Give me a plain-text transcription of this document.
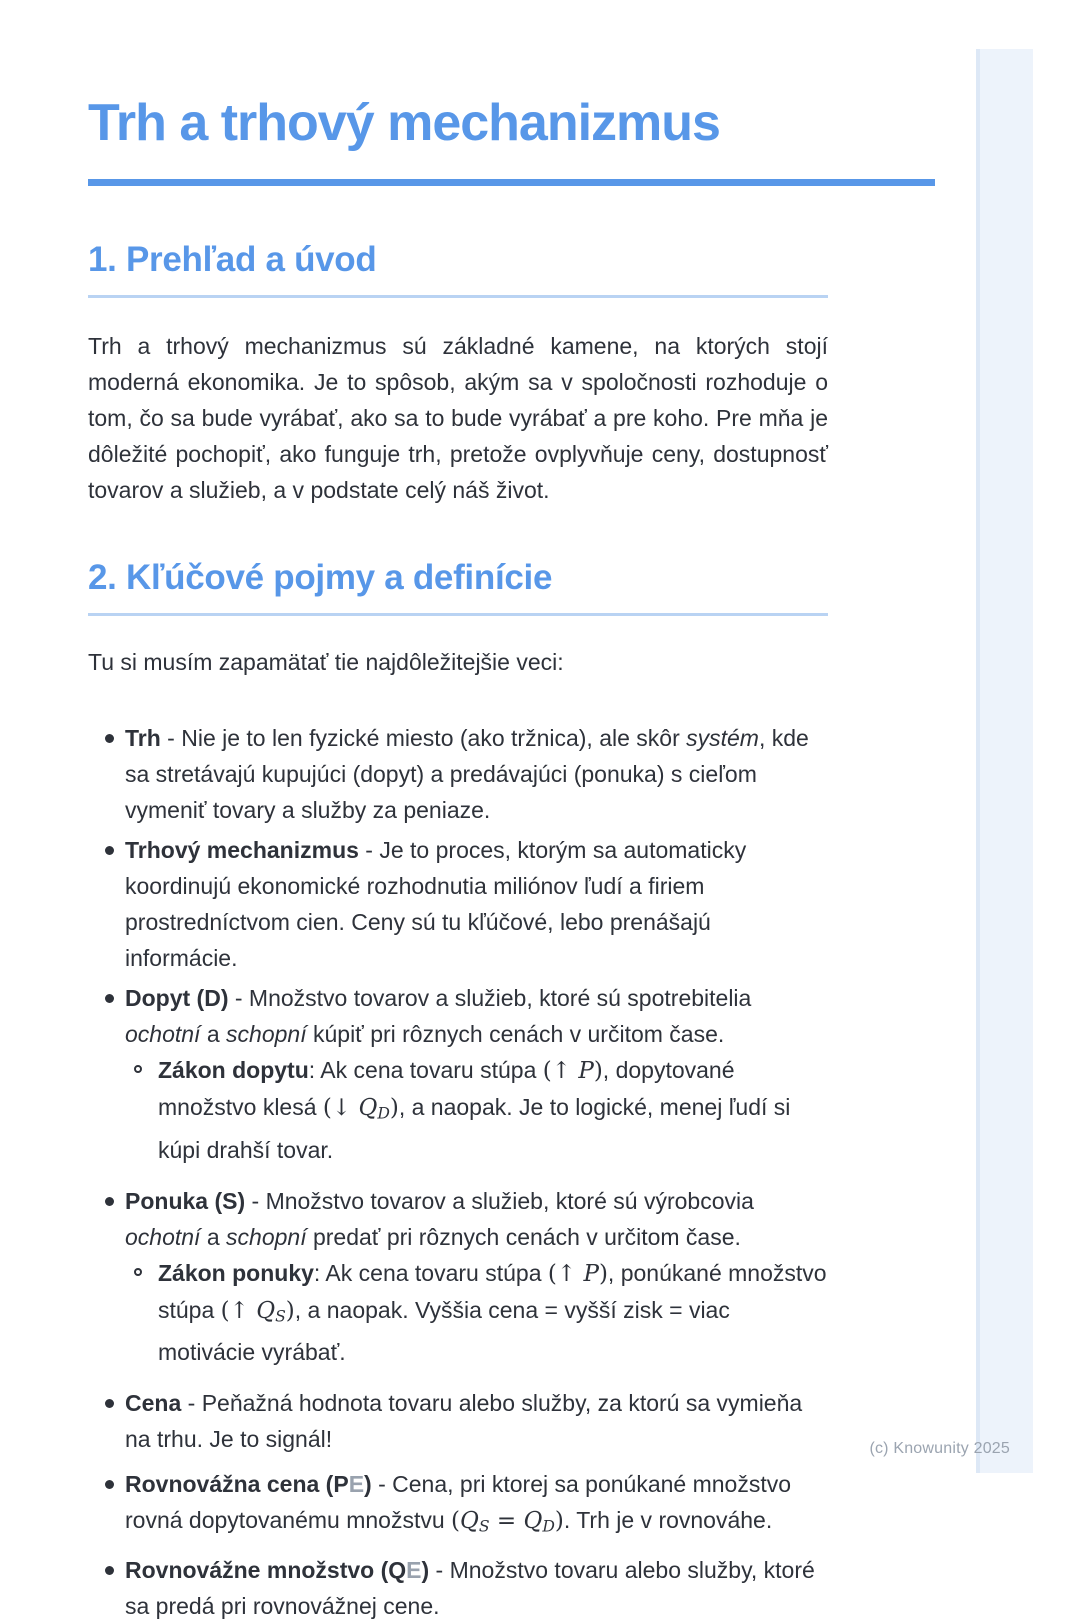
Trh a trhový mechanizmus
1. Prehľad a úvod

Trh a trhový mechanizmus sú základné kamene, na ktorých stojí moderná ekonomika. Je to spôsob, akým sa v spoločnosti rozhoduje o tom, čo sa bude vyrábať, ako sa to bude vyrábať a pre koho. Pre mňa je dôležité pochopiť, ako funguje trh, pretože ovplyvňuje ceny, dostupnosť tovarov a služieb, a v podstate celý náš život.

2. Kľúčové pojmy a definície

Tu si musím zapamätať tie najdôležitejšie veci:

Trh - Nie je to len fyzické miesto (ako tržnica), ale skôr systém, kde sa stretávajú kupujúci (dopyt) a predávajúci (ponuka) s cieľom vymeniť tovary a služby za peniaze.
Trhový mechanizmus - Je to proces, ktorým sa automaticky koordinujú ekonomické rozhodnutia miliónov ľudí a firiem prostredníctvom cien. Ceny sú tu kľúčové, lebo prenášajú informácie.
Dopyt (D) - Množstvo tovarov a služieb, ktoré sú spotrebitelia ochotní a schopní kúpiť pri rôznych cenách v určitom čase.
Zákon dopytu: Ak cena tovaru stúpa (↑ P), dopytované množstvo klesá (↓ QD), a naopak. Je to logické, menej ľudí si kúpi drahší tovar.
Ponuka (S) - Množstvo tovarov a služieb, ktoré sú výrobcovia ochotní a schopní predať pri rôznych cenách v určitom čase.
Zákon ponuky: Ak cena tovaru stúpa (↑ P), ponúkané množstvo stúpa (↑ QS), a naopak. Vyššia cena = vyšší zisk = viac motivácie vyrábať.
Cena - Peňažná hodnota tovaru alebo služby, za ktorú sa vymieňa na trhu. Je to signál!
Rovnovážna cena (PE) - Cena, pri ktorej sa ponúkané množstvo rovná dopytovanému množstvu (QS = QD). Trh je v rovnováhe.
Rovnovážne množstvo (QE) - Množstvo tovaru alebo služby, ktoré sa predá pri rovnovážnej cene.
(c) Knowunity 2025
